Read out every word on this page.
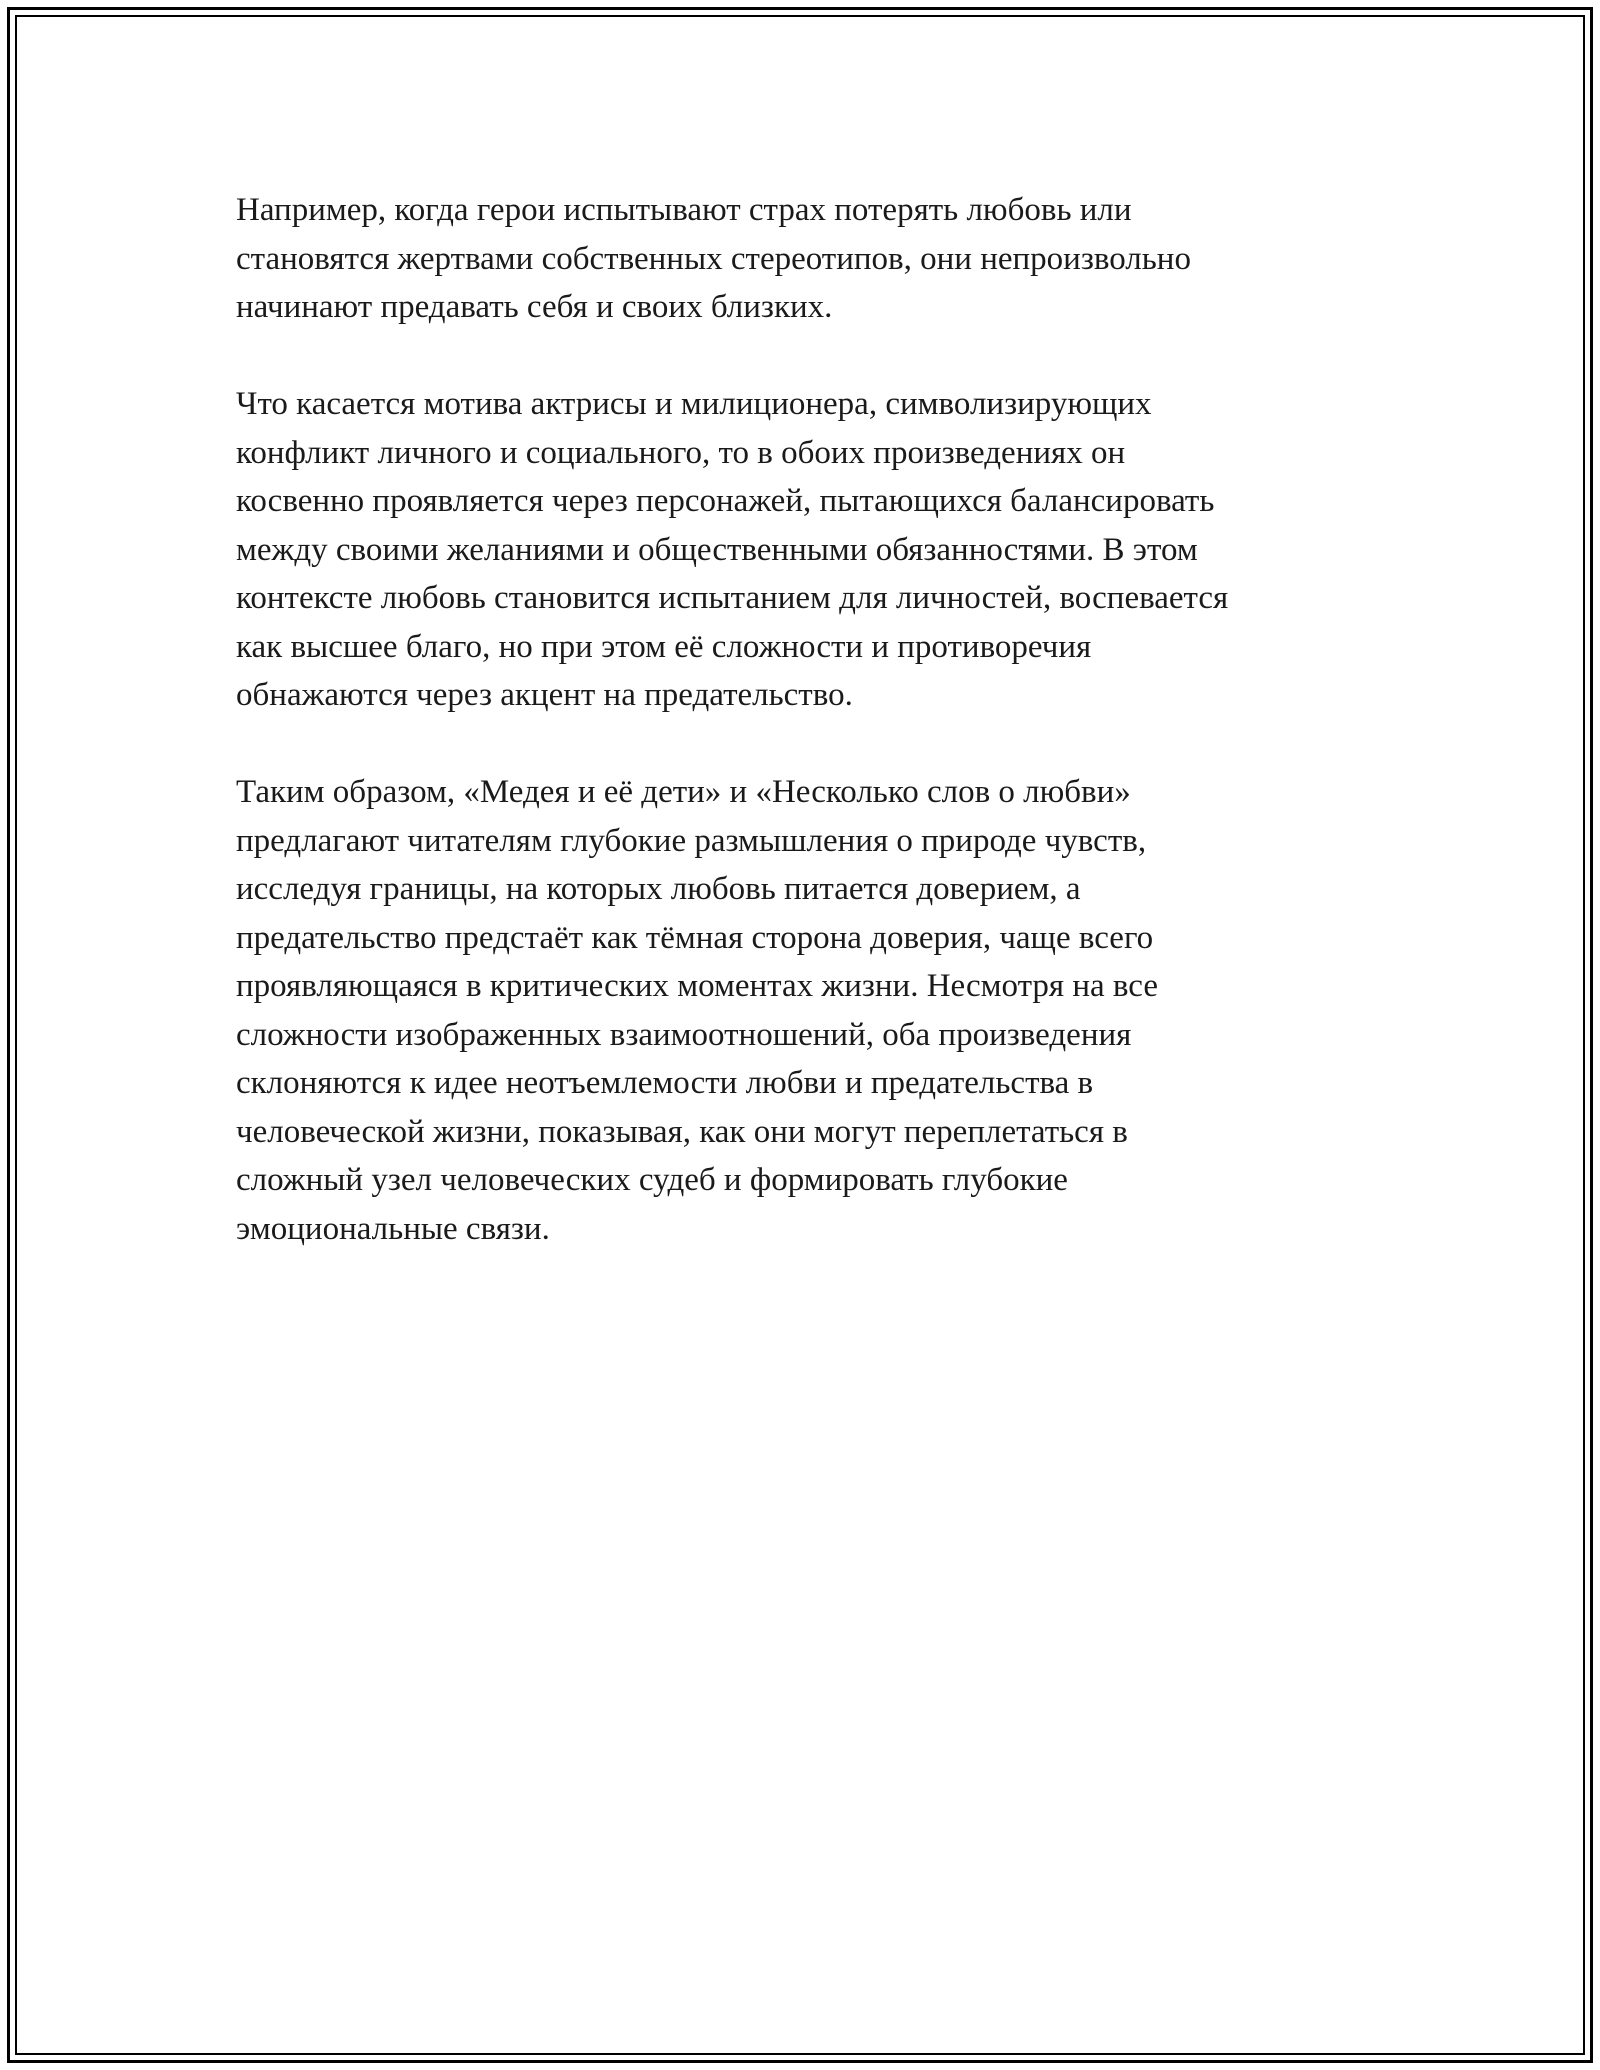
Например, когда герои испытывают страх потерять любовь или
становятся жертвами собственных стереотипов, они непроизвольно
начинают предавать себя и своих близких.

Что касается мотива актрисы и милиционера, символизирующих
конфликт личного и социального, то в обоих произведениях он
косвенно проявляется через персонажей, пытающихся балансировать
между своими желаниями и общественными обязанностями. В этом
контексте любовь становится испытанием для личностей, воспевается
как высшее благо, но при этом её сложности и противоречия
обнажаются через акцент на предательство.

Таким образом, «Медея и её дети» и «Несколько слов о любви»
предлагают читателям глубокие размышления о природе чувств,
исследуя границы, на которых любовь питается доверием, а
предательство предстаёт как тёмная сторона доверия, чаще всего
проявляющаяся в критических моментах жизни. Несмотря на все
сложности изображенных взаимоотношений, оба произведения
склоняются к идее неотъемлемости любви и предательства в
человеческой жизни, показывая, как они могут переплетаться в
сложный узел человеческих судеб и формировать глубокие
эмоциональные связи.
